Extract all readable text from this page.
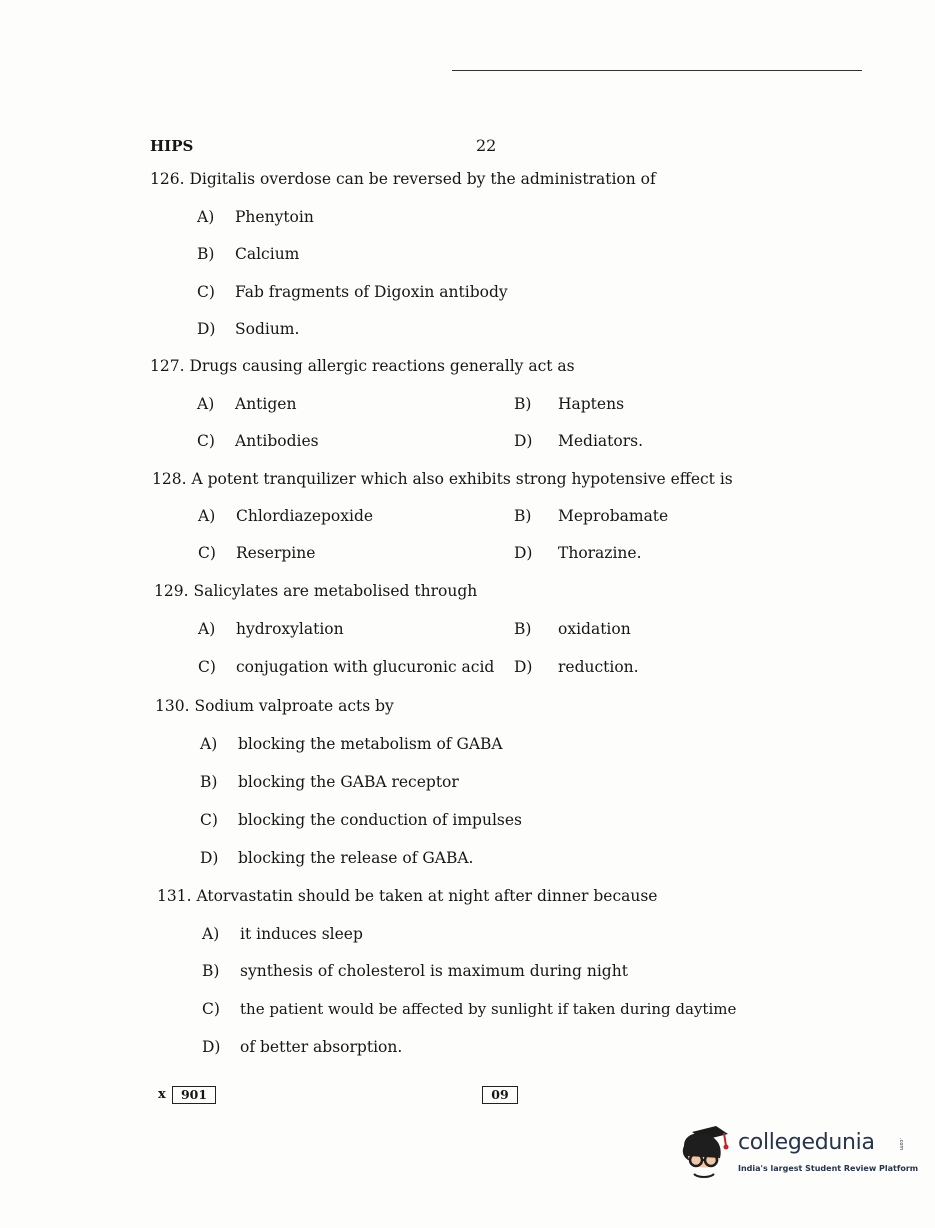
HIPS	22
126. Digitalis overdose can be reversed by the administration of
A) Phenytoin
B) Calcium
C) Fab fragments of Digoxin antibody
D) Sodium.
127. Drugs causing allergic reactions generally act as
A) Antigen	B) Haptens
C) Antibodies	D) Mediators.
128. A potent tranquilizer which also exhibits strong hypotensive effect is
A) Chlordiazepoxide	B) Meprobamate
C) Reserpine	D) Thorazine.
129. Salicylates are metabolised through
A) hydroxylation	B) oxidation
C) conjugation with glucuronic acid D) reduction.
130. Sodium valproate acts by
A) blocking the metabolism of GABA
B) blocking the GABA receptor
C) blocking the conduction of impulses
D) blocking the release of GABA.
131. Atorvastatin should be taken at night after dinner because
A) it induces sleep
B) synthesis of cholesterol is maximum during night
C) the patient would be affected by sunlight if taken during daytime
D) of better absorption.
x	901	09
collegedunia	.com
India's largest Student Review Platform
